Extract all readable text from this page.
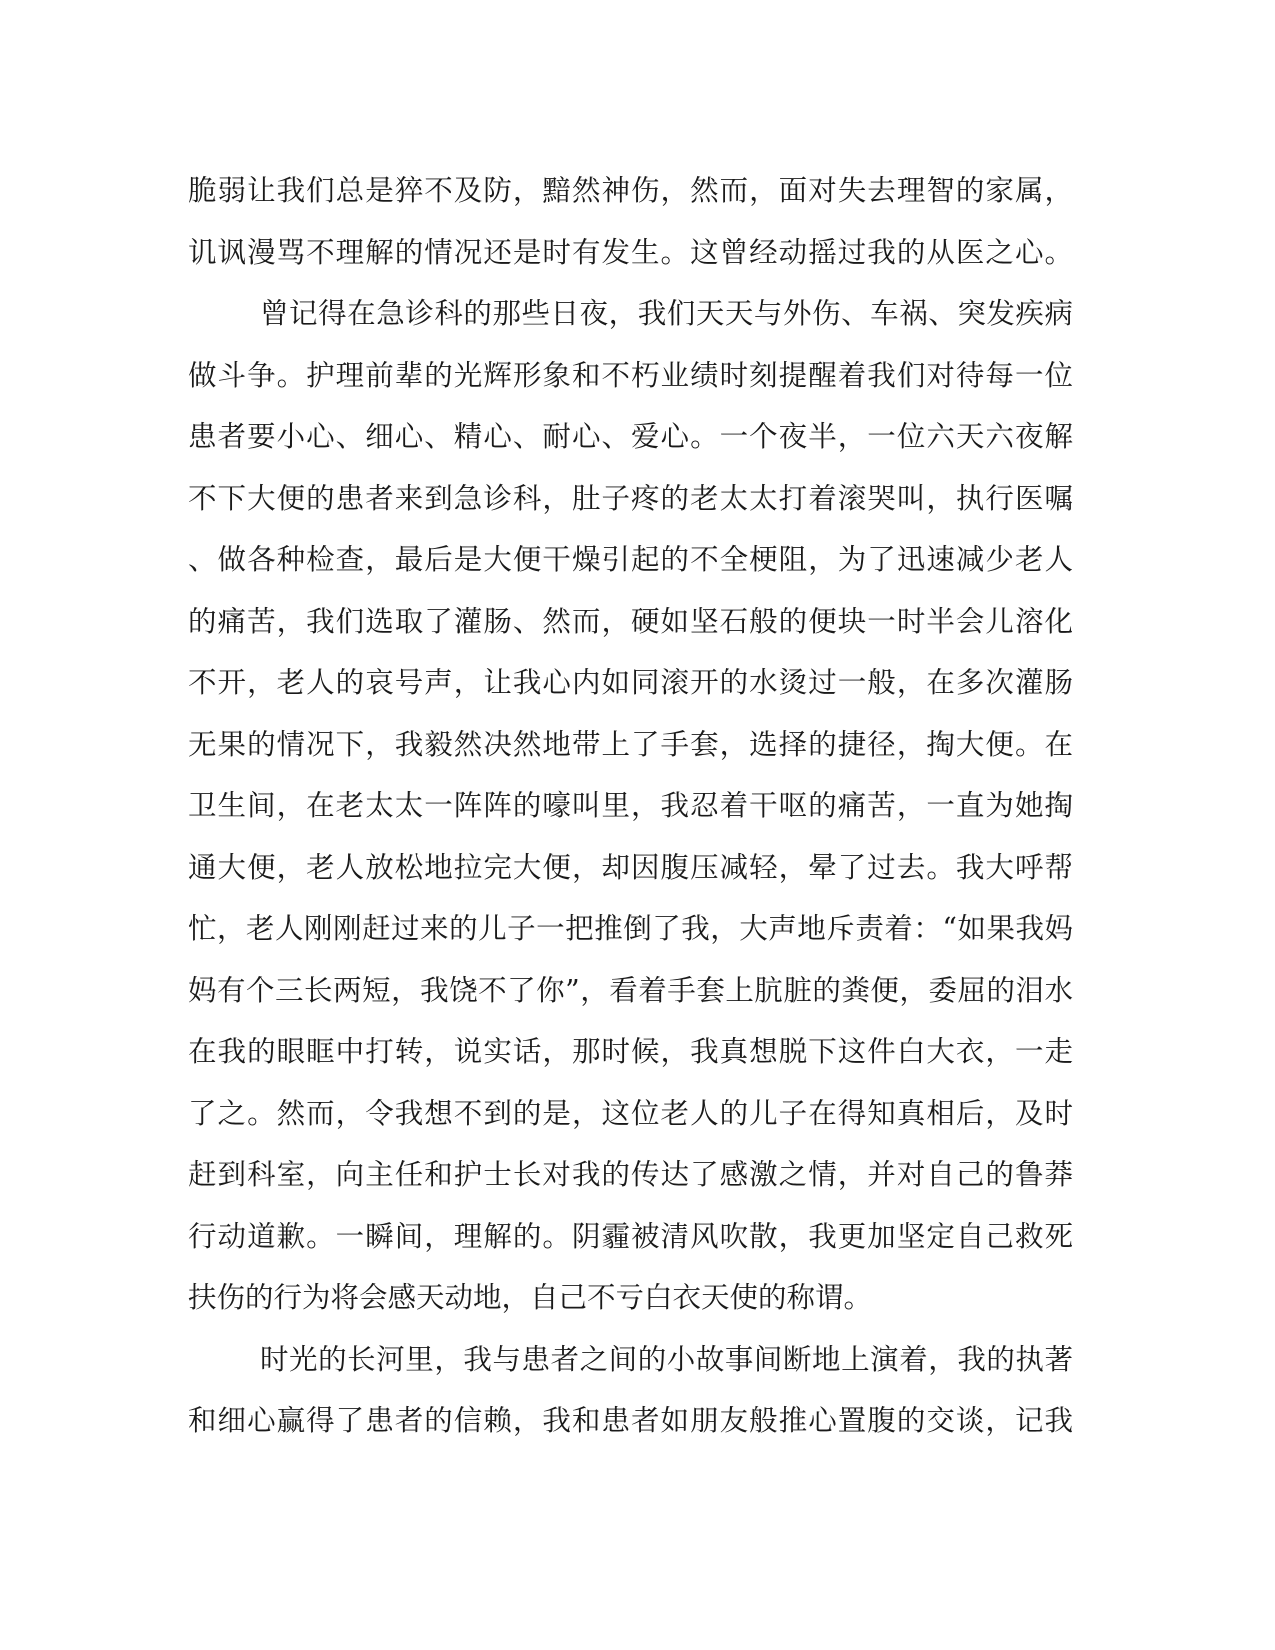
脆弱让我们总是猝不及防，黯然神伤，然而，面对失去理智的家属，
讥讽漫骂不理解的情况还是时有发生。这曾经动摇过我的从医之心。
曾记得在急诊科的那些日夜，我们天天与外伤、车祸、突发疾病
做斗争。护理前辈的光辉形象和不朽业绩时刻提醒着我们对待每一位
患者要小心、细心、精心、耐心、爱心。一个夜半，一位六天六夜解
不下大便的患者来到急诊科，肚子疼的老太太打着滚哭叫，执行医嘱
、做各种检查，最后是大便干燥引起的不全梗阻，为了迅速减少老人
的痛苦，我们选取了灌肠、然而，硬如坚石般的便块一时半会儿溶化
不开，老人的哀号声，让我心内如同滚开的水烫过一般，在多次灌肠
无果的情况下，我毅然决然地带上了手套，选择的捷径，掏大便。在
卫生间，在老太太一阵阵的嚎叫里，我忍着干呕的痛苦，一直为她掏
通大便，老人放松地拉完大便，却因腹压减轻，晕了过去。我大呼帮
忙，老人刚刚赶过来的儿子一把推倒了我，大声地斥责着：“如果我妈
妈有个三长两短，我饶不了你”，看着手套上肮脏的粪便，委屈的泪水
在我的眼眶中打转，说实话，那时候，我真想脱下这件白大衣，一走
了之。然而，令我想不到的是，这位老人的儿子在得知真相后，及时
赶到科室，向主任和护士长对我的传达了感激之情，并对自己的鲁莽
行动道歉。一瞬间，理解的。阴霾被清风吹散，我更加坚定自己救死
扶伤的行为将会感天动地，自己不亏白衣天使的称谓。
时光的长河里，我与患者之间的小故事间断地上演着，我的执著
和细心赢得了患者的信赖，我和患者如朋友般推心置腹的交谈，记我
